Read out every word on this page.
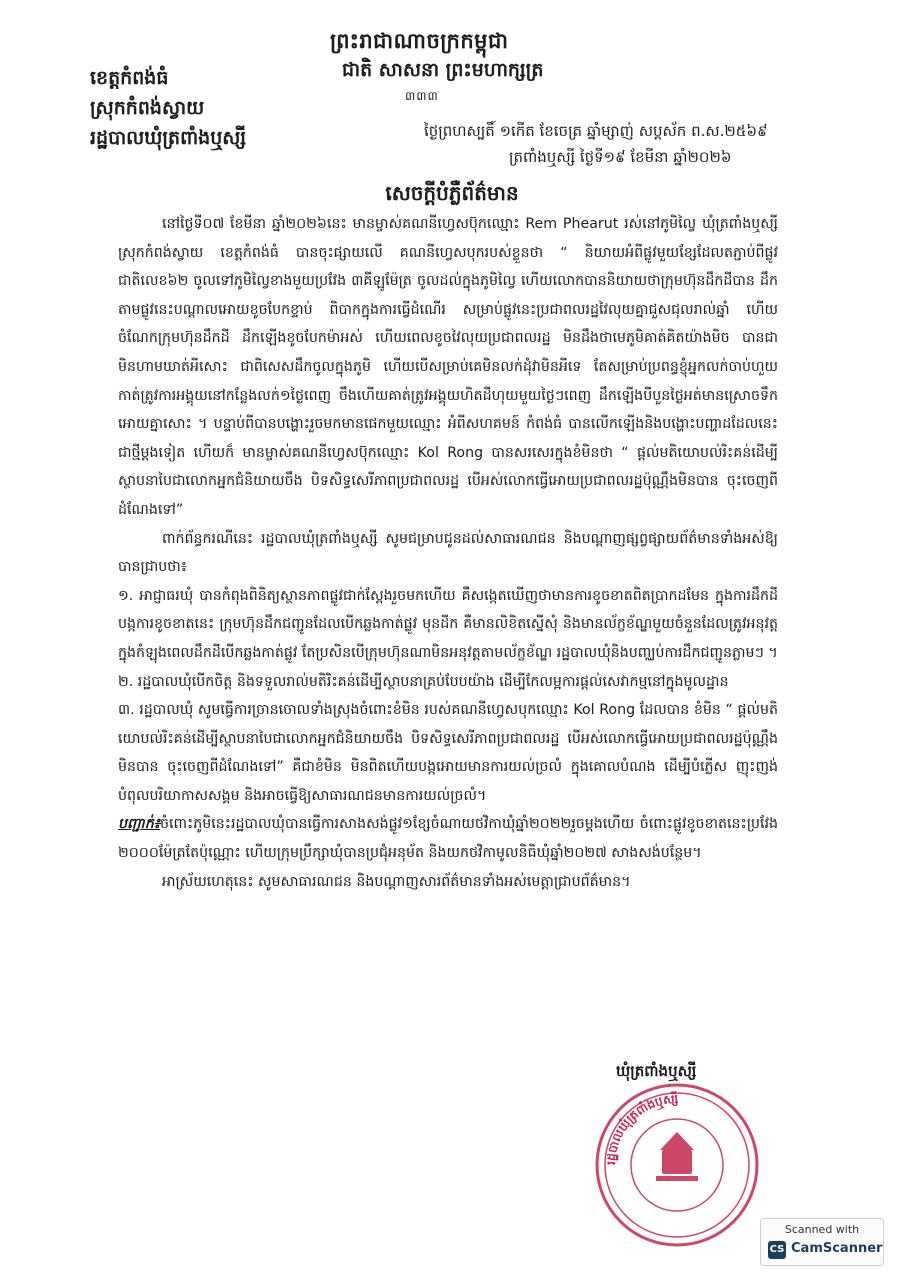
ព្រះរាជាណាចក្រកម្ពុជា
ជាតិ សាសនា ព្រះមហាក្សត្រ
៣៣៣
ខេត្តកំពង់ធំ
ស្រុកកំពង់ស្វាយ
រដ្ឋបាលឃុំត្រពាំងឬស្សី	ថ្ងៃព្រហស្បតិ៍ ១កើត ខែចេត្រ ឆ្នាំម្សាញ់ សប្តស័ក ព.ស.២៥៦៩
ត្រពាំងឬស្សី ថ្ងៃទី១៩ ខែមីនា ឆ្នាំ២០២៦
សេចក្តីបំភ្លឺព័ត៌មាន

នៅថ្ងៃទី០៧ ខែមីនា ឆ្នាំ២០២៦នេះ មានម្ចាស់គណនីហ្វេសប៊ុកឈ្មោះ Rem Phearut រស់នៅភូមិល្វៃ ឃុំត្រពាំងឬស្សី ស្រុកកំពង់ស្វាយ ខេត្តកំពង់ធំ បានចុះផ្សាយលើ គណនីហ្វេសបុករបស់ខ្លួនថា “ និយាយអំពីផ្លូវមួយខ្សែដែលតភ្ជាប់ពីផ្លូវជាតិលេខ៦២ ចូលទៅភូមិល្វៃខាងមួយប្រវែង ៣គីឡូម៉ែត្រ ចូលដល់ក្នុងភូមិល្វៃ ហើយលោកបាននិយាយថាក្រុមហ៊ុនដឹកដីបាន ដឹកតាមផ្លូវនេះបណ្តាលអោយខូចបែកខ្ទាប់ ពិបាកក្នុងការធ្វើដំណើរ សម្រាប់ផ្លូវនេះប្រជាពលរដ្ឋវៃលុយគ្នាជួសជុលរាល់ឆ្នាំ ហើយចំណែកក្រុមហ៊ុនដឹកដី ដឹកឡើងខូចបែកម៉ាអស់ ហើយពេលខូចវៃលុយប្រជាពលរដ្ឋ មិនដឹងថាមេភូមិគាត់គិតយ៉ាងមិច បានជាមិនហាមឃាត់អីសោះ ជាពិសេសដឹកចូលក្នុងភូមិ ហើយបើសម្រាប់គេមិនលក់ដុំវាមិនអីទេ តែសម្រាប់ប្រពន្ធខ្ញុំអ្នកលក់ចាប់ហួយ កាត់ត្រូវការអង្គុយនៅកន្លែងលក់១ថ្ងៃពេញ ចឹងហើយគាត់ត្រូវអង្គុយហិតដីហុយមួយថ្ងៃៗពេញ ដឹកឡើងបីបួនថ្ងៃអត់មានស្រោចទឹកអោយគ្នាសោះ ។ បន្ទាប់ពីបានបង្ហោះរួចមកមានផេកមួយឈ្មោះ អំពីសហគមន៍ កំពង់ធំ បានលើកឡើងនិងបង្ហោះបញ្ហាដដែលនេះជាថ្មីម្តងទៀត ហើយក៏ មានម្ចាស់គណនីហ្វេសប៊ុកឈ្មោះ Kol Rong បានសរសេរក្នុងខំមិនថា “ ផ្តល់មតិយោបល់រិះគន់ដើម្បីស្ថាបនាបៃជាលោកអ្នកជំនិយាយចឹង បិទសិទ្ធសេរីភាពប្រជាពលរដ្ឋ បើអស់លោកធ្វើអោយប្រជាពលរដ្ឋប៉ុណ្ណឹងមិនបាន ចុះចេញពីដំណែងទៅ”

ពាក់ព័ន្ធករណីនេះ រដ្ឋបាលឃុំត្រពាំងឬស្សី សូមជម្រាបជូនដល់សាធារណជន និងបណ្តាញផ្សព្វផ្សាយព័ត៌មានទាំងអស់ឱ្យបានជ្រាបថា៖

១. អាជ្ញាធរឃុំ បានកំពុងពិនិត្យស្ថានភាពផ្លូវជាក់ស្តែងរួចមកហើយ គឺសង្កេតឃើញថាមានការខូចខាតពិតប្រាកដមែន ក្នុងការដឹកដីបង្កការខូចខាតនេះ ក្រុមហ៊ុនដឹកជញ្ជូនដែលបើកឆ្លងកាត់ផ្លូវ មុនដីក គឺមានលិខិតស្នើសុំ និងមានល័ក្ខខ័ណ្ឌមួយចំនួនដែលត្រូវអនុវត្តក្នុងកំឡុងពេលដឹកដីបើកឆ្លងកាត់ផ្លូវ តែប្រសិនបើក្រុមហ៊ុនណាមិនអនុវត្តតាមល័ក្ខខ័ណ្ឌ រដ្ឋបាលឃុំនិងបញ្ឈប់ការដឹកជញ្ជូនភ្លាមៗ ។

២. រដ្ឋបាលឃុំបើកចិត្ត និងទទួលរាល់មតិរិះគន់ដើម្បីស្ថាបនាគ្រប់បែបយ៉ាង ដើម្បីកែលម្អការផ្តល់សេវាកម្មនៅក្នុងមូលដ្ឋាន

៣. រដ្ឋបាលឃុំ សូមធ្វើការច្រានចោលទាំងស្រុងចំពោះខំមិន របស់គណនីហ្វេសបុកឈ្មោះ Kol Rong ដែលបាន ខំមិន “ ផ្តល់មតិយោបល់រិះគន់ដើម្បីស្ថាបនាបៃជាលោកអ្នកជំនិយាយចឹង បិទសិទ្ធសេរីភាពប្រជាពលរដ្ឋ បើអស់លោកធ្វើអោយប្រជាពលរដ្ឋប៉ុណ្ណឹងមិនបាន ចុះចេញពីដំណែងទៅ” គឺជាខំមិន មិនពិតហើយបង្កអោយមានការយល់ច្រលំ ក្នុងគោលបំណង ដើម្បីបំភ្លើស ញុះញង់ បំពុលបរិយាកាសសង្គម និងអាចធ្វើឱ្យសាធារណជនមានការយល់ច្រលំ។

បញ្ជាក់៖ចំពោះភូមិនេះរដ្ឋបាលឃុំបានធ្វើការសាងសង់ផ្លូវ១ខ្សែចំណាយថវិកាឃុំឆ្នាំ២០២២រួចម្តងហើយ ចំពោះផ្លូវខូចខាតនេះប្រវែង ២០០០ម៉ែត្រតែប៉ុណ្ណោះ ហើយក្រុមប្រឹក្សាឃុំបានប្រជុំអនុម័ត និងយកថវិកាមូលនិធិឃុំឆ្នាំ២០២៧ សាងសង់បន្ថែម។

អាស្រ័យហេតុនេះ សូមសាធារណជន និងបណ្តាញសារព័ត៌មានទាំងអស់មេត្តាជ្រាបព័ត៌មាន។

ឃុំត្រពាំងឬស្សី
រដ្ឋបាលឃុំត្រពាំងឬស្សី
Scanned with
CS CamScanner
